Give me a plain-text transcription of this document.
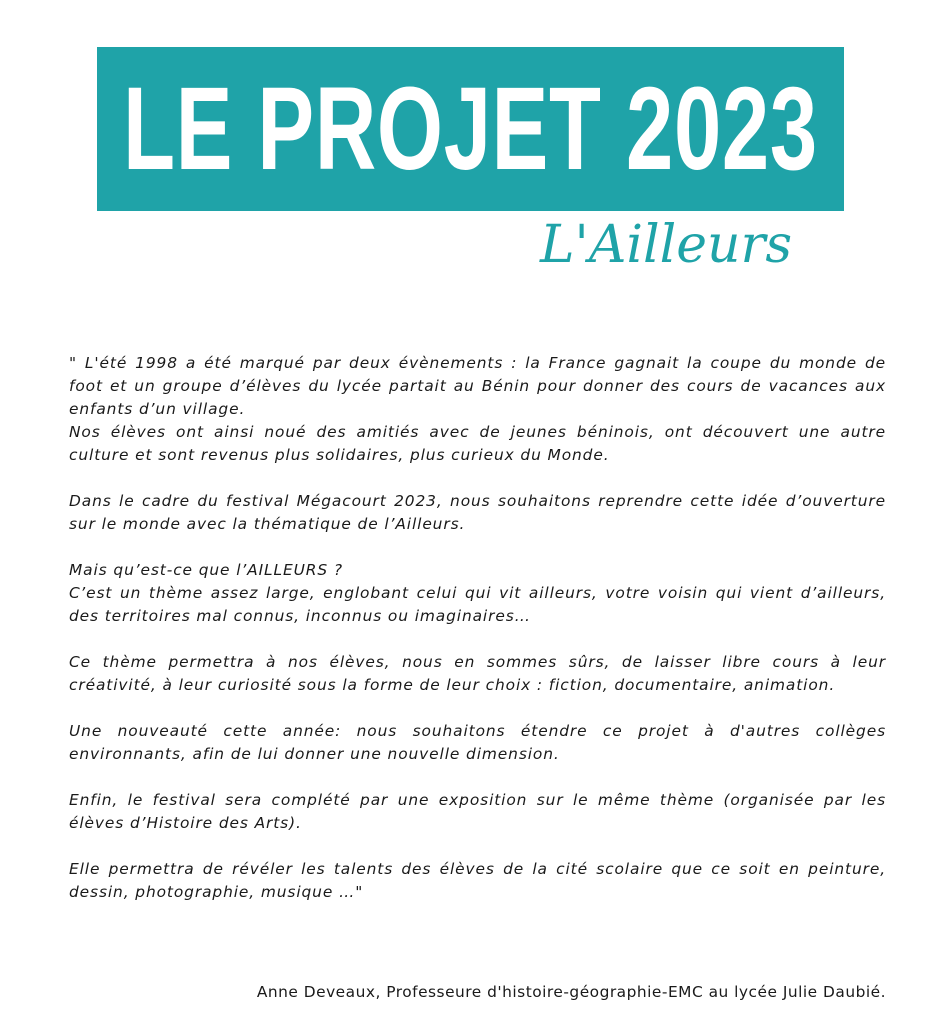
LE PROJET 2023
L'Ailleurs

" L'été 1998 a été marqué par deux évènements : la France gagnait la coupe du monde de foot et un groupe d’élèves du lycée partait au Bénin pour donner des cours de vacances aux enfants d’un village.
Nos élèves ont ainsi noué des amitiés avec de jeunes béninois, ont découvert une autre culture et sont revenus plus solidaires, plus curieux du Monde.

Dans le cadre du festival Mégacourt 2023, nous souhaitons reprendre cette idée d’ouverture sur le monde avec la thématique de l’Ailleurs.

Mais qu’est-ce que l’AILLEURS ?
C’est un thème assez large, englobant celui qui vit ailleurs, votre voisin qui vient d’ailleurs, des territoires mal connus, inconnus ou imaginaires…

Ce thème permettra à nos élèves, nous en sommes sûrs, de laisser libre cours à leur créativité, à leur curiosité sous la forme de leur choix : fiction, documentaire, animation.

Une nouveauté cette année: nous souhaitons étendre ce projet à d'autres collèges environnants, afin de lui donner une nouvelle dimension.

Enfin, le festival sera complété par une exposition sur le même thème (organisée par les élèves d’Histoire des Arts).

Elle permettra de révéler les talents des élèves de la cité scolaire que ce soit en peinture, dessin, photographie, musique …"

Anne Deveaux, Professeure d'histoire-géographie-EMC au lycée Julie Daubié.
